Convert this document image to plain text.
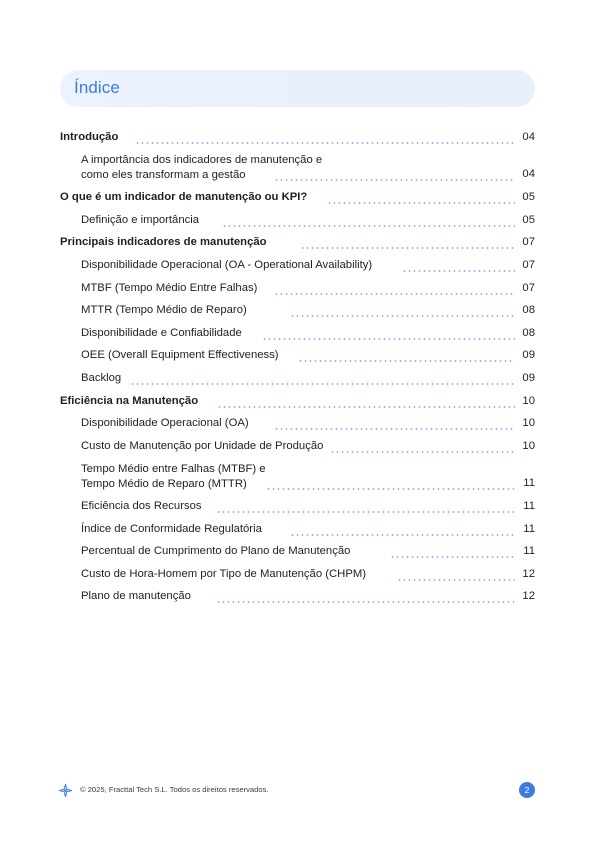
Índice
Introdução	04
A importância dos indicadores de manutenção e
como eles transformam a gestão	04
O que é um indicador de manutenção ou KPI?	05
Definição e importância	05
Principais indicadores de manutenção	07
Disponibilidade Operacional (OA - Operational Availability)	07
MTBF (Tempo Médio Entre Falhas)	07
MTTR (Tempo Médio de Reparo)	08
Disponibilidade e Confiabilidade	08
OEE (Overall Equipment Effectiveness)	09
Backlog	09
Eficiência na Manutenção	10
Disponibilidade Operacional (OA)	10
Custo de Manutenção por Unidade de Produção	10
Tempo Médio entre Falhas (MTBF) e
Tempo Médio de Reparo (MTTR)	11
Eficiência dos Recursos	11
Índice de Conformidade Regulatória	11
Percentual de Cumprimento do Plano de Manutenção	11
Custo de Hora-Homem por Tipo de Manutenção (CHPM)	12
Plano de manutenção	12
© 2025, Fracttal Tech S.L. Todos os direitos reservados.	2
